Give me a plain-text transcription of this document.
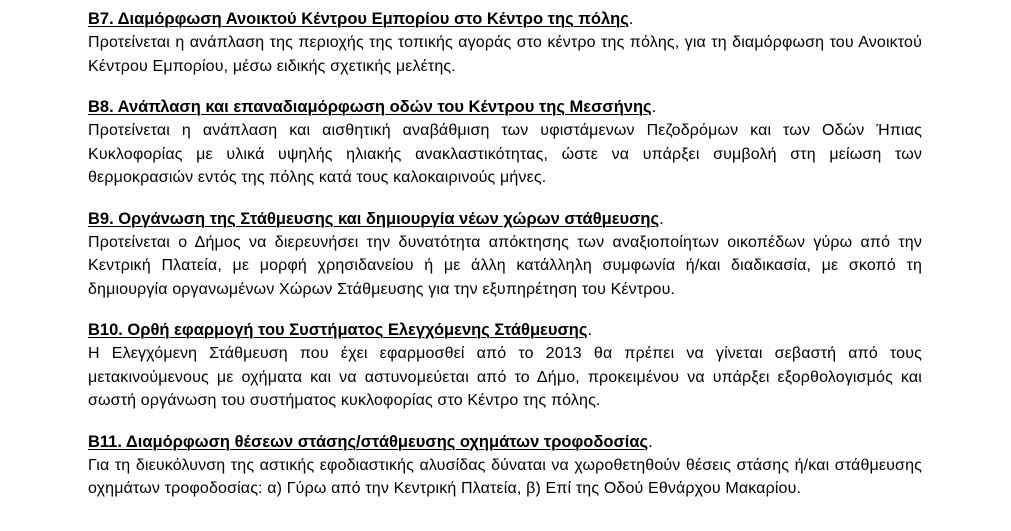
Β7. Διαμόρφωση Ανοικτού Κέντρου Εμπορίου στο Κέντρο της πόλης.
Προτείνεται η ανάπλαση της περιοχής της τοπικής αγοράς στο κέντρο της πόλης, για τη διαμόρφωση του Ανοικτού Κέντρου Εμπορίου, μέσω ειδικής σχετικής μελέτης.
Β8. Ανάπλαση και επαναδιαμόρφωση οδών του Κέντρου της Μεσσήνης.
Προτείνεται η ανάπλαση και αισθητική αναβάθμιση των υφιστάμενων Πεζοδρόμων και των Οδών Ήπιας Κυκλοφορίας με υλικά υψηλής ηλιακής ανακλαστικότητας, ώστε να υπάρξει συμβολή στη μείωση των θερμοκρασιών εντός της πόλης κατά τους καλοκαιρινούς μήνες.
Β9. Οργάνωση της Στάθμευσης και δημιουργία νέων χώρων στάθμευσης.
Προτείνεται ο Δήμος να διερευνήσει την δυνατότητα απόκτησης των αναξιοποίητων οικοπέδων γύρω από την Κεντρική Πλατεία, με μορφή χρησιδανείου ή με άλλη κατάλληλη συμφωνία ή/και διαδικασία, με σκοπό τη δημιουργία οργανωμένων Χώρων Στάθμευσης για την εξυπηρέτηση του Κέντρου.
Β10. Ορθή εφαρμογή του Συστήματος Ελεγχόμενης Στάθμευσης.
Η Ελεγχόμενη Στάθμευση που έχει εφαρμοσθεί από το 2013 θα πρέπει να γίνεται σεβαστή από τους μετακινούμενους με οχήματα και να αστυνομεύεται από το Δήμο, προκειμένου να υπάρξει εξορθολογισμός και σωστή οργάνωση του συστήματος κυκλοφορίας στο Κέντρο της πόλης.
Β11. Διαμόρφωση θέσεων στάσης/στάθμευσης οχημάτων τροφοδοσίας.
Για τη διευκόλυνση της αστικής εφοδιαστικής αλυσίδας δύναται να χωροθετηθούν θέσεις στάσης ή/και στάθμευσης οχημάτων τροφοδοσίας: α) Γύρω από την Κεντρική Πλατεία, β) Επί της Οδού Εθνάρχου Μακαρίου.
